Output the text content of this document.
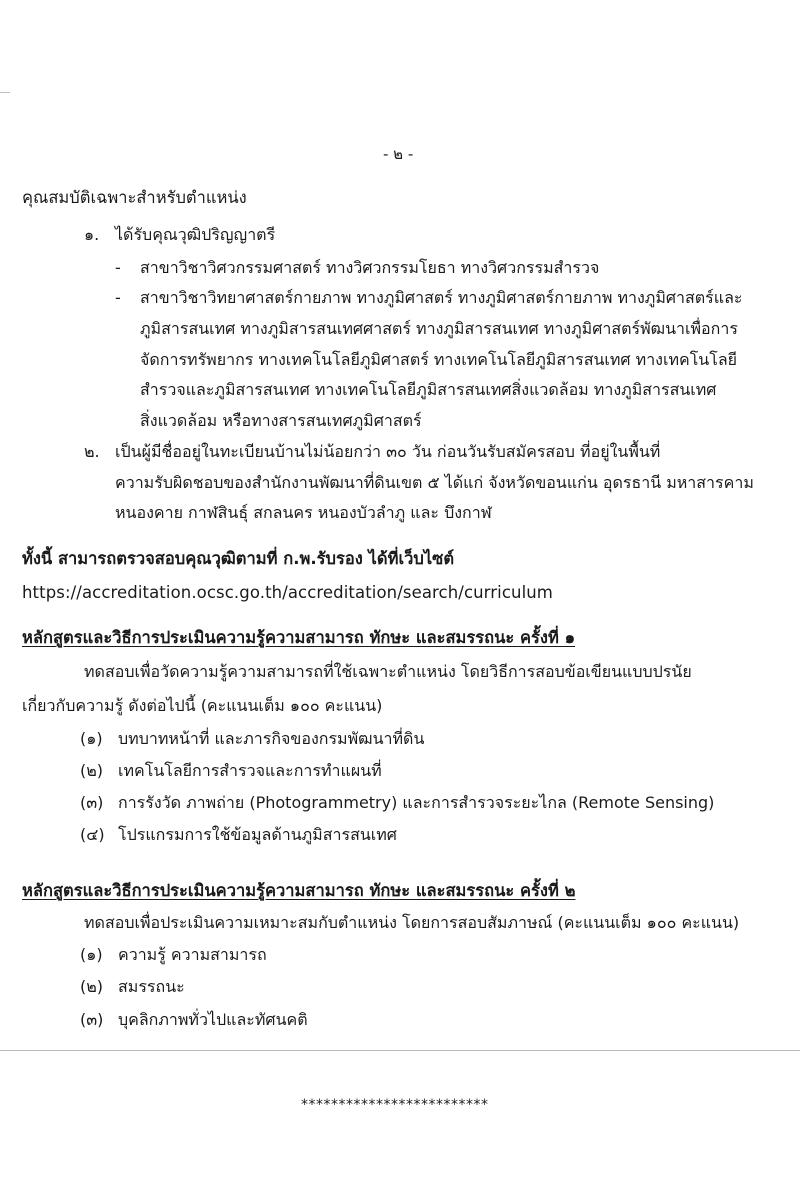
- ๒ -
คุณสมบัติเฉพาะสำหรับตำแหน่ง
๑. ได้รับคุณวุฒิปริญญาตรี
- สาขาวิชาวิศวกรรมศาสตร์ ทางวิศวกรรมโยธา ทางวิศวกรรมสำรวจ
- สาขาวิชาวิทยาศาสตร์กายภาพ ทางภูมิศาสตร์ ทางภูมิศาสตร์กายภาพ ทางภูมิศาสตร์และ
ภูมิสารสนเทศ ทางภูมิสารสนเทศศาสตร์ ทางภูมิสารสนเทศ ทางภูมิศาสตร์พัฒนาเพื่อการ
จัดการทรัพยากร ทางเทคโนโลยีภูมิศาสตร์ ทางเทคโนโลยีภูมิสารสนเทศ ทางเทคโนโลยี
สำรวจและภูมิสารสนเทศ ทางเทคโนโลยีภูมิสารสนเทศสิ่งแวดล้อม ทางภูมิสารสนเทศ
สิ่งแวดล้อม หรือทางสารสนเทศภูมิศาสตร์
๒. เป็นผู้มีชื่ออยู่ในทะเบียนบ้านไม่น้อยกว่า ๓๐ วัน ก่อนวันรับสมัครสอบ ที่อยู่ในพื้นที่
ความรับผิดชอบของสำนักงานพัฒนาที่ดินเขต ๕ ได้แก่ จังหวัดขอนแก่น อุดรธานี มหาสารคาม
หนองคาย กาฬสินธุ์ สกลนคร หนองบัวลำภู และ บึงกาฬ
ทั้งนี้ สามารถตรวจสอบคุณวุฒิตามที่ ก.พ.รับรอง ได้ที่เว็บไซต์
https://accreditation.ocsc.go.th/accreditation/search/curriculum
หลักสูตรและวิธีการประเมินความรู้ความสามารถ ทักษะ และสมรรถนะ ครั้งที่ ๑
ทดสอบเพื่อวัดความรู้ความสามารถที่ใช้เฉพาะตำแหน่ง โดยวิธีการสอบข้อเขียนแบบปรนัย
เกี่ยวกับความรู้ ดังต่อไปนี้ (คะแนนเต็ม ๑๐๐ คะแนน)
(๑) บทบาทหน้าที่ และภารกิจของกรมพัฒนาที่ดิน
(๒) เทคโนโลยีการสำรวจและการทำแผนที่
(๓) การรังวัด ภาพถ่าย (Photogrammetry) และการสำรวจระยะไกล (Remote Sensing)
(๔) โปรแกรมการใช้ข้อมูลด้านภูมิสารสนเทศ
หลักสูตรและวิธีการประเมินความรู้ความสามารถ ทักษะ และสมรรถนะ ครั้งที่ ๒
ทดสอบเพื่อประเมินความเหมาะสมกับตำแหน่ง โดยการสอบสัมภาษณ์ (คะแนนเต็ม ๑๐๐ คะแนน)
(๑) ความรู้ ความสามารถ
(๒) สมรรถนะ
(๓) บุคลิกภาพทั่วไปและทัศนคติ
*************************
